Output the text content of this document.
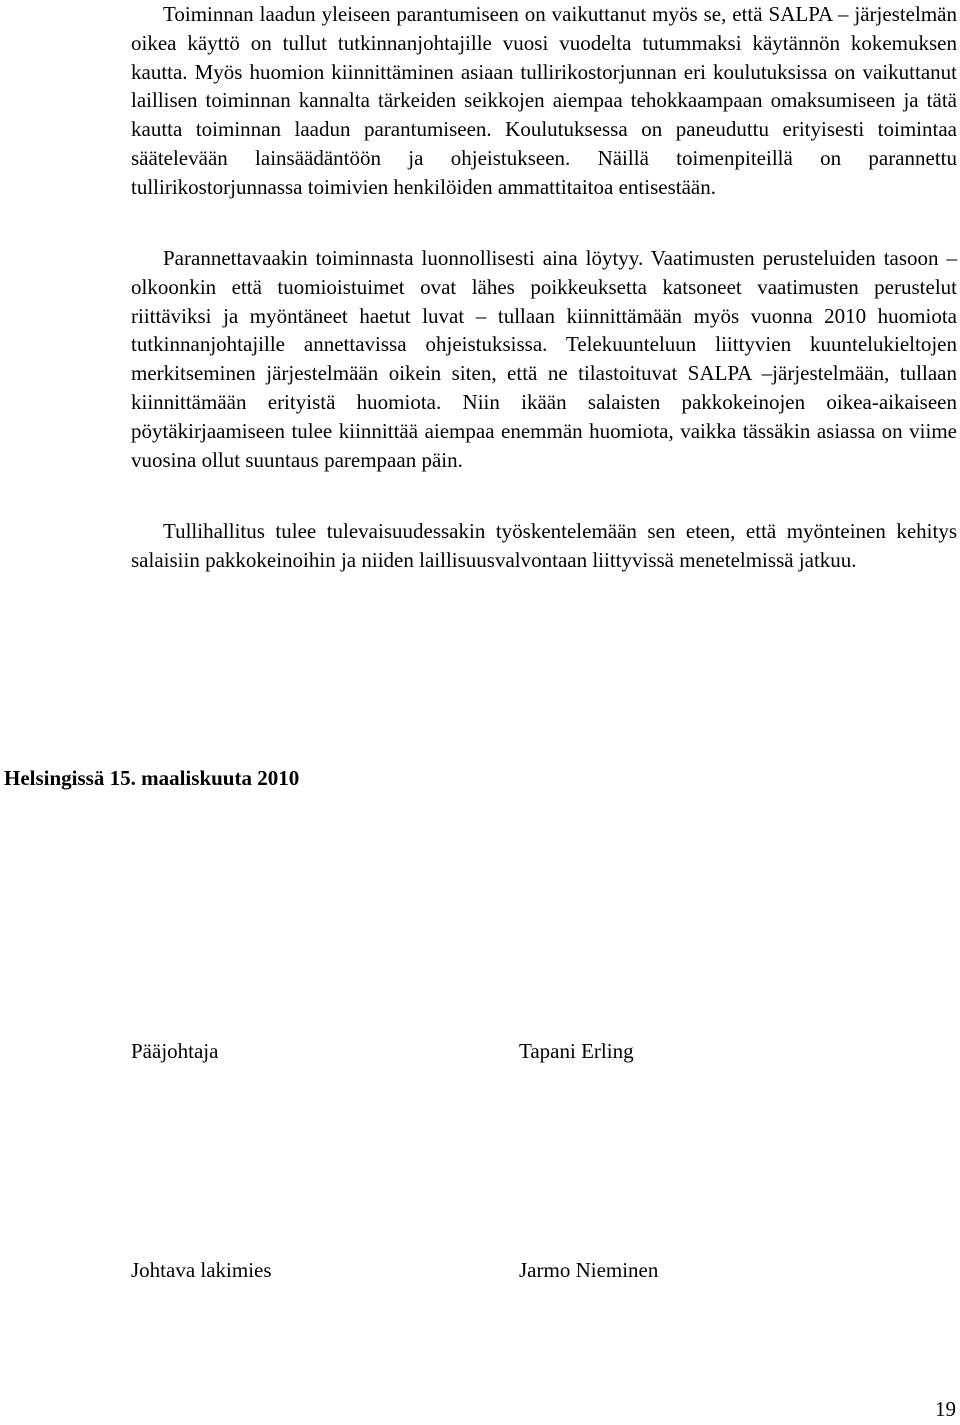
Toiminnan laadun yleiseen parantumiseen on vaikuttanut myös se, että SALPA – järjestelmän oikea käyttö on tullut tutkinnanjohtajille vuosi vuodelta tutummaksi käytännön kokemuksen kautta. Myös huomion kiinnittäminen asiaan tullirikostorjunnan eri koulutuksissa on vaikuttanut laillisen toiminnan kannalta tärkeiden seikkojen aiempaa tehokkaampaan omaksumiseen ja tätä kautta toiminnan laadun parantumiseen. Koulutuksessa on paneuduttu erityisesti toimintaa säätelevään lainsäädäntöön ja ohjeistukseen. Näillä toimenpiteillä on parannettu tullirikostorjunnassa toimivien henkilöiden ammattitaitoa entisestään.

Parannettavaakin toiminnasta luonnollisesti aina löytyy. Vaatimusten perusteluiden tasoon – olkoonkin että tuomioistuimet ovat lähes poikkeuksetta katsoneet vaatimusten perustelut riittäviksi ja myöntäneet haetut luvat – tullaan kiinnittämään myös vuonna 2010 huomiota tutkinnanjohtajille annettavissa ohjeistuksissa. Telekuunteluun liittyvien kuuntelukieltojen merkitseminen järjestelmään oikein siten, että ne tilastoituvat SALPA –järjestelmään, tullaan kiinnittämään erityistä huomiota. Niin ikään salaisten pakkokeinojen oikea-aikaiseen pöytäkirjaamiseen tulee kiinnittää aiempaa enemmän huomiota, vaikka tässäkin asiassa on viime vuosina ollut suuntaus parempaan päin.

Tullihallitus tulee tulevaisuudessakin työskentelemään sen eteen, että myönteinen kehitys salaisiin pakkokeinoihin ja niiden laillisuusvalvontaan liittyvissä menetelmissä jatkuu.

Helsingissä 15. maaliskuuta 2010

Pääjohtaja	Tapani Erling
Johtava lakimies	Jarmo Nieminen
19
